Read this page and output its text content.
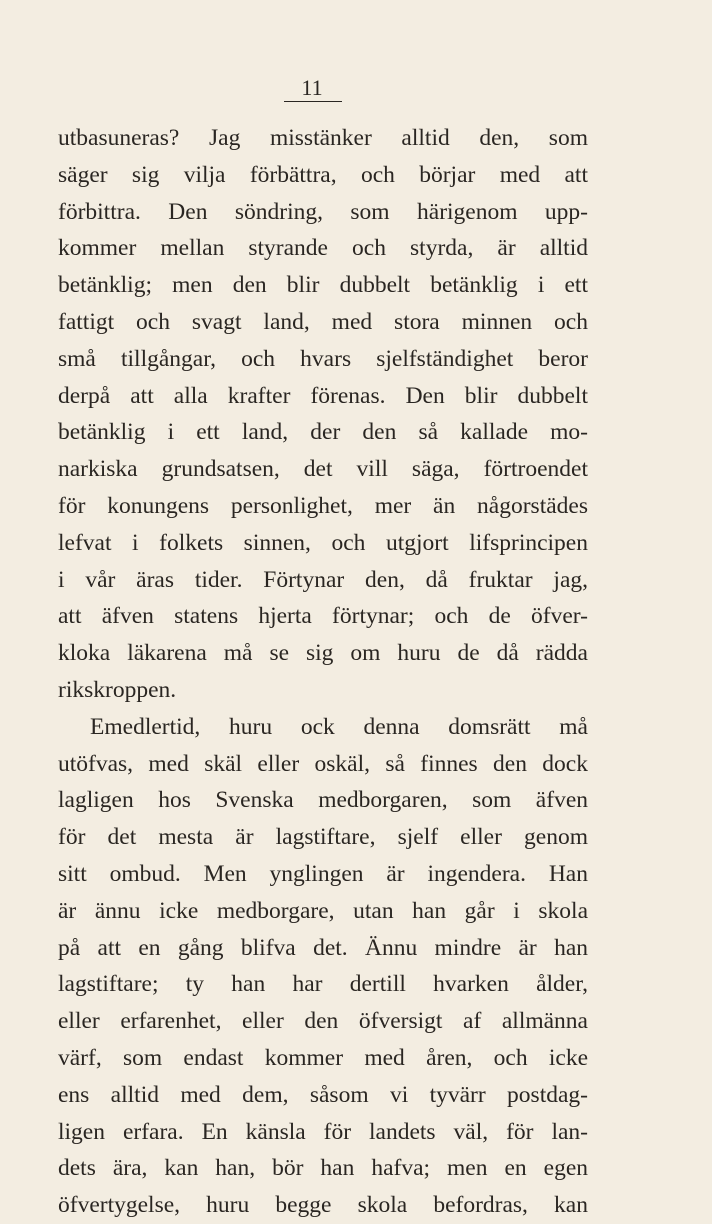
11
utbasuneras? Jag misstänker alltid den, som
säger sig vilja förbättra, och börjar med att
förbittra. Den söndring, som härigenom upp-
kommer mellan styrande och styrda, är alltid
betänklig; men den blir dubbelt betänklig i ett
fattigt och svagt land, med stora minnen och
små tillgångar, och hvars sjelfständighet beror
derpå att alla krafter förenas. Den blir dubbelt
betänklig i ett land, der den så kallade mo-
narkiska grundsatsen, det vill säga, förtroendet
för konungens personlighet, mer än någorstädes
lefvat i folkets sinnen, och utgjort lifsprincipen
i vår äras tider. Förtynar den, då fruktar jag,
att äfven statens hjerta förtynar; och de öfver-
kloka läkarena må se sig om huru de då rädda
rikskroppen.
Emedlertid, huru ock denna domsrätt må
utöfvas, med skäl eller oskäl, så finnes den dock
lagligen hos Svenska medborgaren, som äfven
för det mesta är lagstiftare, sjelf eller genom
sitt ombud. Men ynglingen är ingendera. Han
är ännu icke medborgare, utan han går i skola
på att en gång blifva det. Ännu mindre är han
lagstiftare; ty han har dertill hvarken ålder,
eller erfarenhet, eller den öfversigt af allmänna
värf, som endast kommer med åren, och icke
ens alltid med dem, såsom vi tyvärr postdag-
ligen erfara. En känsla för landets väl, för lan-
dets ära, kan han, bör han hafva; men en egen
öfvertygelse, huru begge skola befordras, kan
